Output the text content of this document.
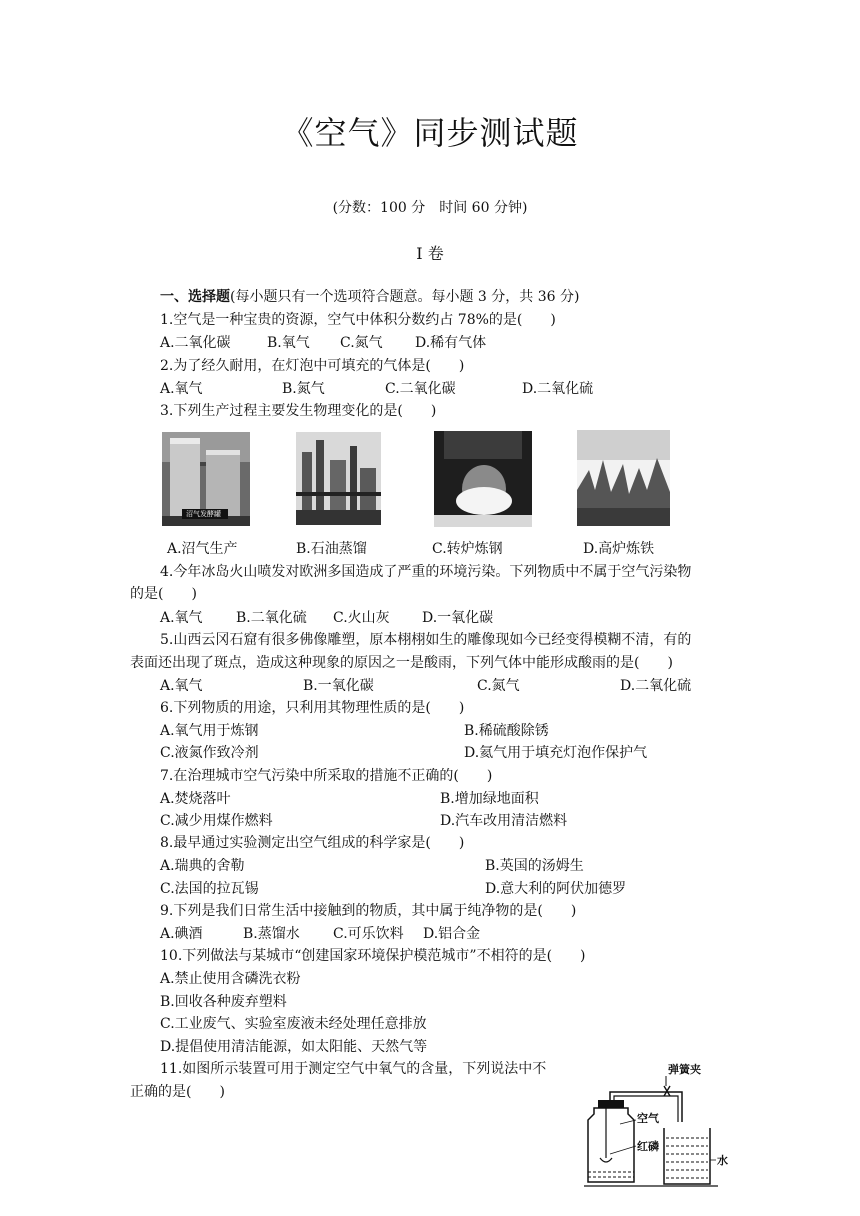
《空气》同步测试题
(分数：100 分　时间 60 分钟)
I 卷
一、选择题(每小题只有一个选项符合题意。每小题 3 分，共 36 分)
1.空气是一种宝贵的资源，空气中体积分数约占 78%的是(　　)
A.二氧化碳	B.氧气 C.氮气 D.稀有气体
2.为了经久耐用，在灯泡中可填充的气体是(　　)
A.氧气	B.氮气	C.二氧化碳	D.二氧化硫
3.下列生产过程主要发生物理变化的是(　　)
沼气发酵罐
A.沼气生产	B.石油蒸馏	C.转炉炼钢	D.高炉炼铁
4.今年冰岛火山喷发对欧洲多国造成了严重的环境污染。下列物质中不属于空气污染物
的是(　　)
A.氧气 B.二氧化硫 C.火山灰 D.一氧化碳
5.山西云冈石窟有很多佛像雕塑，原本栩栩如生的雕像现如今已经变得模糊不清，有的
表面还出现了斑点，造成这种现象的原因之一是酸雨，下列气体中能形成酸雨的是(　　)
A.氧气	B.一氧化碳	C.氮气	D.二氧化硫
6.下列物质的用途，只利用其物理性质的是(　　)
A.氧气用于炼钢	B.稀硫酸除锈
C.液氮作致冷剂	D.氦气用于填充灯泡作保护气
7.在治理城市空气污染中所采取的措施不正确的(　　)
A.焚烧落叶	B.增加绿地面积
C.减少用煤作燃料	D.汽车改用清洁燃料
8.最早通过实验测定出空气组成的科学家是(　　)
A.瑞典的舍勒	B.英国的汤姆生
C.法国的拉瓦锡	D.意大利的阿伏加德罗
9.下列是我们日常生活中接触到的物质，其中属于纯净物的是(　　)
A.碘酒	B.蒸馏水 C.可乐饮料 D.铝合金
10.下列做法与某城市“创建国家环境保护模范城市”不相符的是(　　)
A.禁止使用含磷洗衣粉
B.回收各种废弃塑料
C.工业废气、实验室废液未经处理任意排放
D.提倡使用清洁能源，如太阳能、天然气等
11.如图所示装置可用于测定空气中氧气的含量，下列说法中不
正确的是(　　)
弹簧夹
空气
红磷
水
